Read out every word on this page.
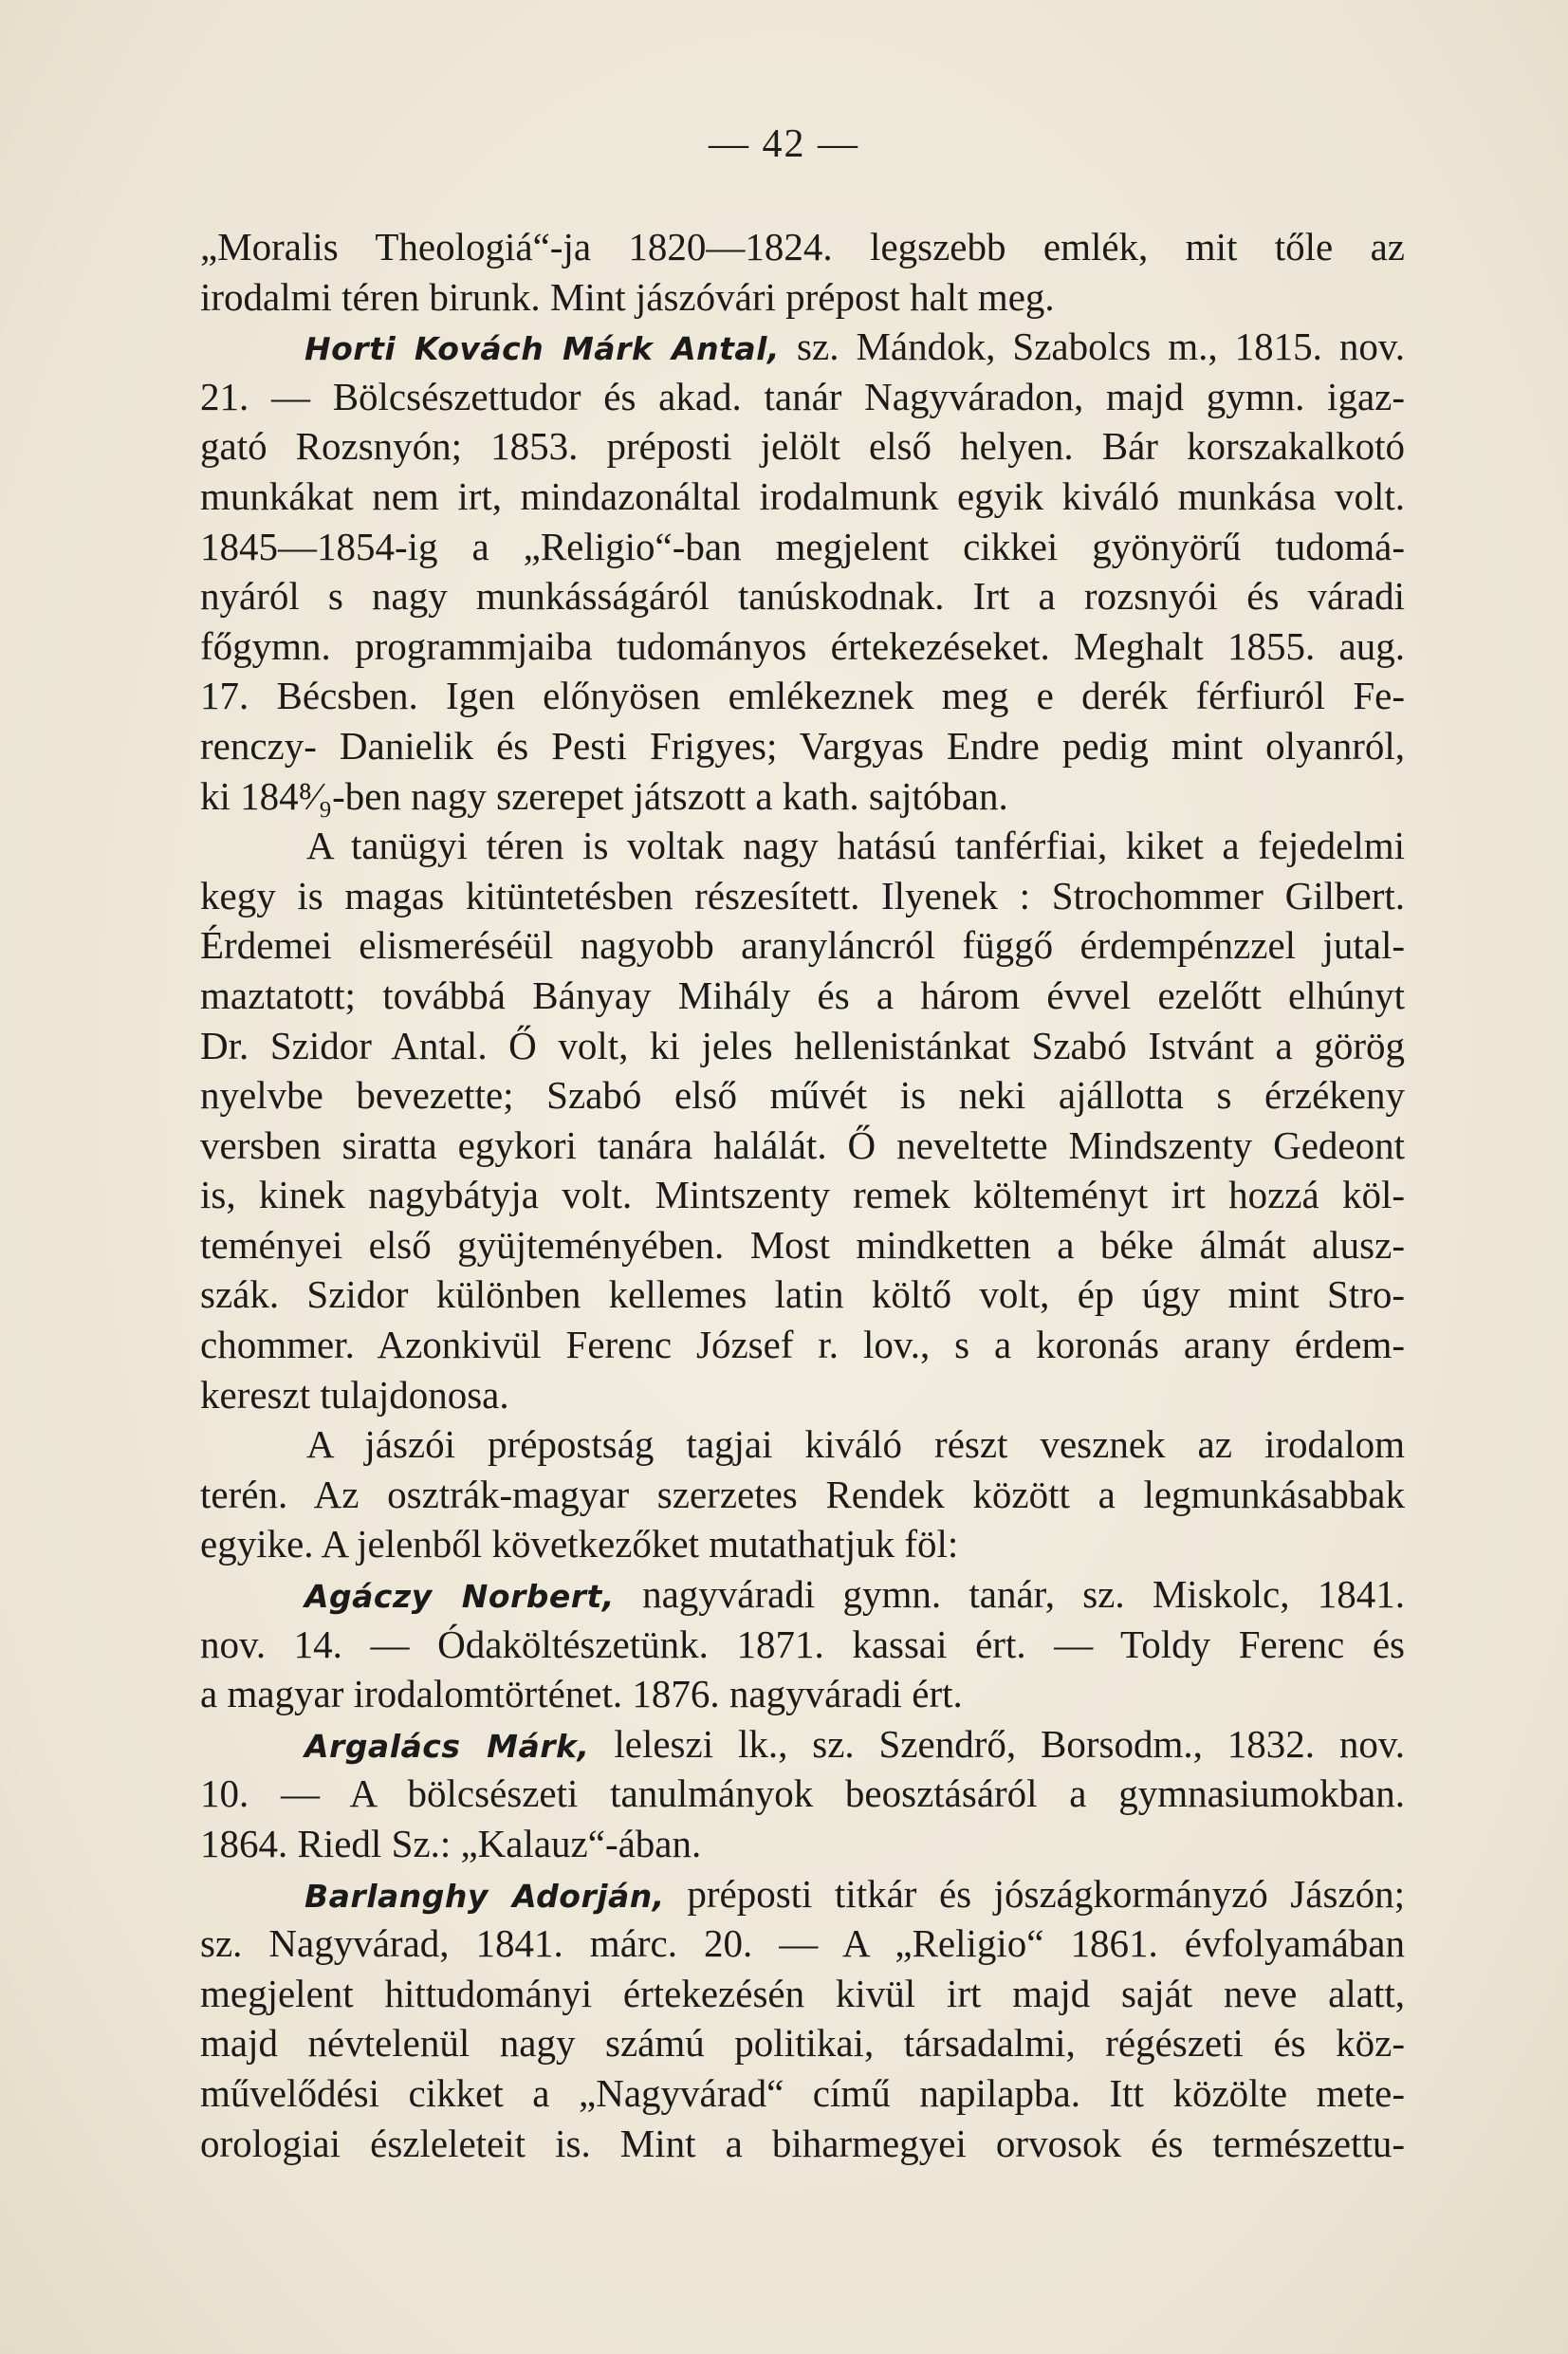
— 42 —
„Moralis Theologiá“-ja 1820—1824. legszebb emlék, mit tőle az
irodalmi téren birunk. Mint jászóvári prépost halt meg.
Horti Kovách Márk Antal, sz. Mándok, Szabolcs m., 1815. nov.
21. — Bölcsészettudor és akad. tanár Nagyváradon, majd gymn. igaz-
gató Rozsnyón; 1853. préposti jelölt első helyen. Bár korszakalkotó
munkákat nem irt, mindazonáltal irodalmunk egyik kiváló munkása volt.
1845—1854-ig a „Religio“-ban megjelent cikkei gyönyörű tudomá-
nyáról s nagy munkásságáról tanúskodnak. Irt a rozsnyói és váradi
főgymn. programmjaiba tudományos értekezéseket. Meghalt 1855. aug.
17. Bécsben. Igen előnyösen emlékeznek meg e derék férfiuról Fe-
renczy- Danielik és Pesti Frigyes; Vargyas Endre pedig mint olyanról,
ki 184⁸⁄₉-ben nagy szerepet játszott a kath. sajtóban.
A tanügyi téren is voltak nagy hatású tanférfiai, kiket a fejedelmi
kegy is magas kitüntetésben részesített. Ilyenek : Strochommer Gilbert.
Érdemei elismeréséül nagyobb aranyláncról függő érdempénzzel jutal-
maztatott; továbbá Bányay Mihály és a három évvel ezelőtt elhúnyt
Dr. Szidor Antal. Ő volt, ki jeles hellenistánkat Szabó Istvánt a görög
nyelvbe bevezette; Szabó első művét is neki ajállotta s érzékeny
versben siratta egykori tanára halálát. Ő neveltette Mindszenty Gedeont
is, kinek nagybátyja volt. Mintszenty remek költeményt irt hozzá köl-
teményei első gyüjteményében. Most mindketten a béke álmát alusz-
szák. Szidor különben kellemes latin költő volt, ép úgy mint Stro-
chommer. Azonkivül Ferenc József r. lov., s a koronás arany érdem-
kereszt tulajdonosa.
A jászói prépostság tagjai kiváló részt vesznek az irodalom
terén. Az osztrák-magyar szerzetes Rendek között a legmunkásabbak
egyike. A jelenből következőket mutathatjuk föl:
Agáczy Norbert, nagyváradi gymn. tanár, sz. Miskolc, 1841.
nov. 14. — Ódaköltészetünk. 1871. kassai ért. — Toldy Ferenc és
a magyar irodalomtörténet. 1876. nagyváradi ért.
Argalács Márk, leleszi lk., sz. Szendrő, Borsodm., 1832. nov.
10. — A bölcsészeti tanulmányok beosztásáról a gymnasiumokban.
1864. Riedl Sz.: „Kalauz“-ában.
Barlanghy Adorján, préposti titkár és jószágkormányzó Jászón;
sz. Nagyvárad, 1841. márc. 20. — A „Religio“ 1861. évfolyamában
megjelent hittudományi értekezésén kivül irt majd saját neve alatt,
majd névtelenül nagy számú politikai, társadalmi, régészeti és köz-
művelődési cikket a „Nagyvárad“ című napilapba. Itt közölte mete-
orologiai észleleteit is. Mint a biharmegyei orvosok és természettu-
